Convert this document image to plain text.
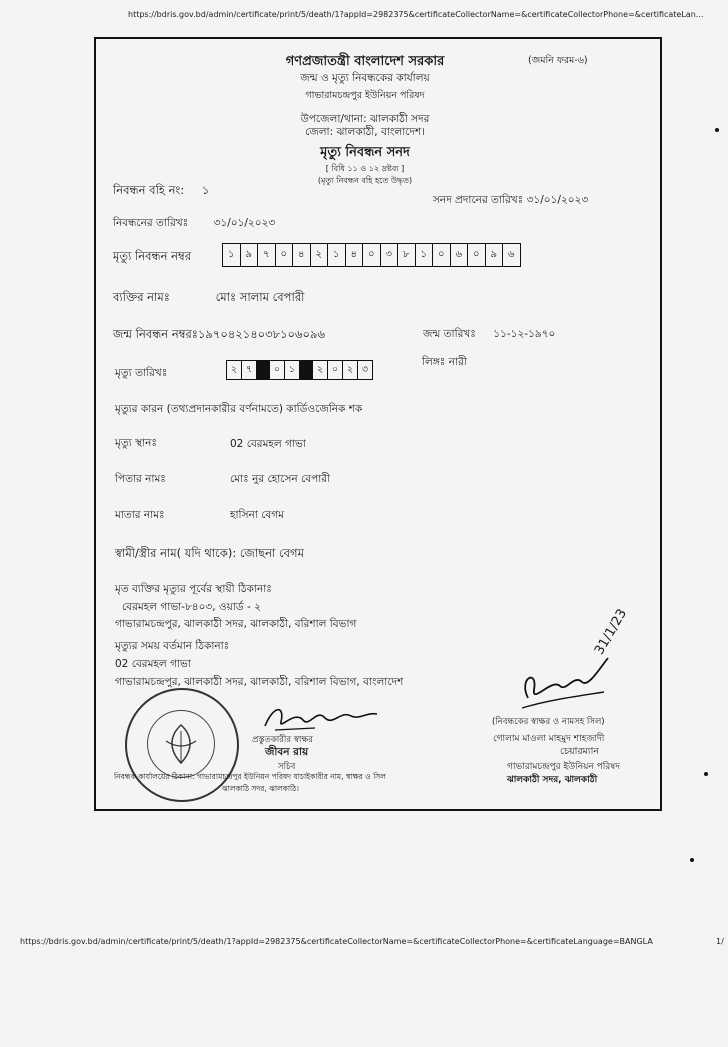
https://bdris.gov.bd/admin/certificate/print/5/death/1?appId=2982375&certificateCollectorName=&certificateCollectorPhone=&certificateLan...
গণপ্রজাতন্ত্রী বাংলাদেশ সরকার	(জমনি ফরম-৬)
জন্ম ও মৃত্যু নিবন্ধকের কার্যালয়
গাভারামচন্দ্রপুর ইউনিয়ন পরিষদ
উপজেলা/থানা: ঝালকাঠী সদর
জেলা: ঝালকাঠী, বাংলাদেশ।
মৃত্যু নিবন্ধন সনদ
[ বিধি ১১ ও ১২ দ্রষ্টব্য ]
(মৃত্যু নিবন্ধন বহি হতে উদ্ধৃত)
নিবন্ধন বহি নং: ১
সনদ প্রদানের তারিখঃ ৩১/০১/২০২৩
নিবন্ধনের তারিখঃ ৩১/০১/২০২৩
মৃত্যু নিবন্ধন নম্বর	১	৯	৭	০	৪	২	১	৪	০	৩	৮	১	০	৬	০	৯	৬
ব্যক্তির নামঃ	মোঃ সালাম বেপারী
জন্ম নিবন্ধন নম্বরঃ১৯৭০৪২১৪০৩৮১০৬০৯৬	জন্ম তারিখঃ ১১-১২-১৯৭০
লিঙ্গঃ নারী
মৃত্যু তারিখঃ	২	৭		০	১		২	০	২	৩
মৃত্যুর কারন (তথ্যপ্রদানকারীর বর্ণনামতে) কার্ডিওজেনিক শক
মৃত্যু স্থানঃ	02 বেরমহল গাভা
পিতার নামঃ	মোঃ নুর হোসেন বেপারী
মাতার নামঃ	হাসিনা বেগম
স্বামী/স্ত্রীর নাম( যদি থাকে): জোছনা বেগম
মৃত ব্যক্তির মৃত্যুর পূর্বের স্থায়ী ঠিকানাঃ
বেরমহল গাভা-৮৪০৩, ওয়ার্ড - ২
গাভারামচন্দ্রপুর, ঝালকাঠী সদর, ঝালকাঠী, বরিশাল বিভাগ
মৃত্যুর সময় বর্তমান ঠিকানাঃ
02 বেরমহল গাভা
গাভারামচন্দ্রপুর, ঝালকাঠী সদর, ঝালকাঠী, বরিশাল বিভাগ, বাংলাদেশ
প্রস্তুতকারীর স্বাক্ষর
জীবন রায়
সচিব
31/1/23
(নিবন্ধকের স্বাক্ষর ও নামসহ সিল)
গোলাম মাওলা মাহমুদ শাহজাদী
চেয়ারম্যান
গাভারামচন্দ্রপুর ইউনিয়ন পরিষদ
ঝালকাঠী সদর, ঝালকাঠী
নিবন্ধক কার্যালয়ের ঠিকানা: গাভারামচন্দ্রপুর ইউনিয়ন পরিষদ যাচাইকারীর নাম, স্বাক্ষর ও সিল
ঝালকাঠি সদর, ঝালকাঠি।
https://bdris.gov.bd/admin/certificate/print/5/death/1?appId=2982375&certificateCollectorName=&certificateCollectorPhone=&certificateLanguage=BANGLA	1/
